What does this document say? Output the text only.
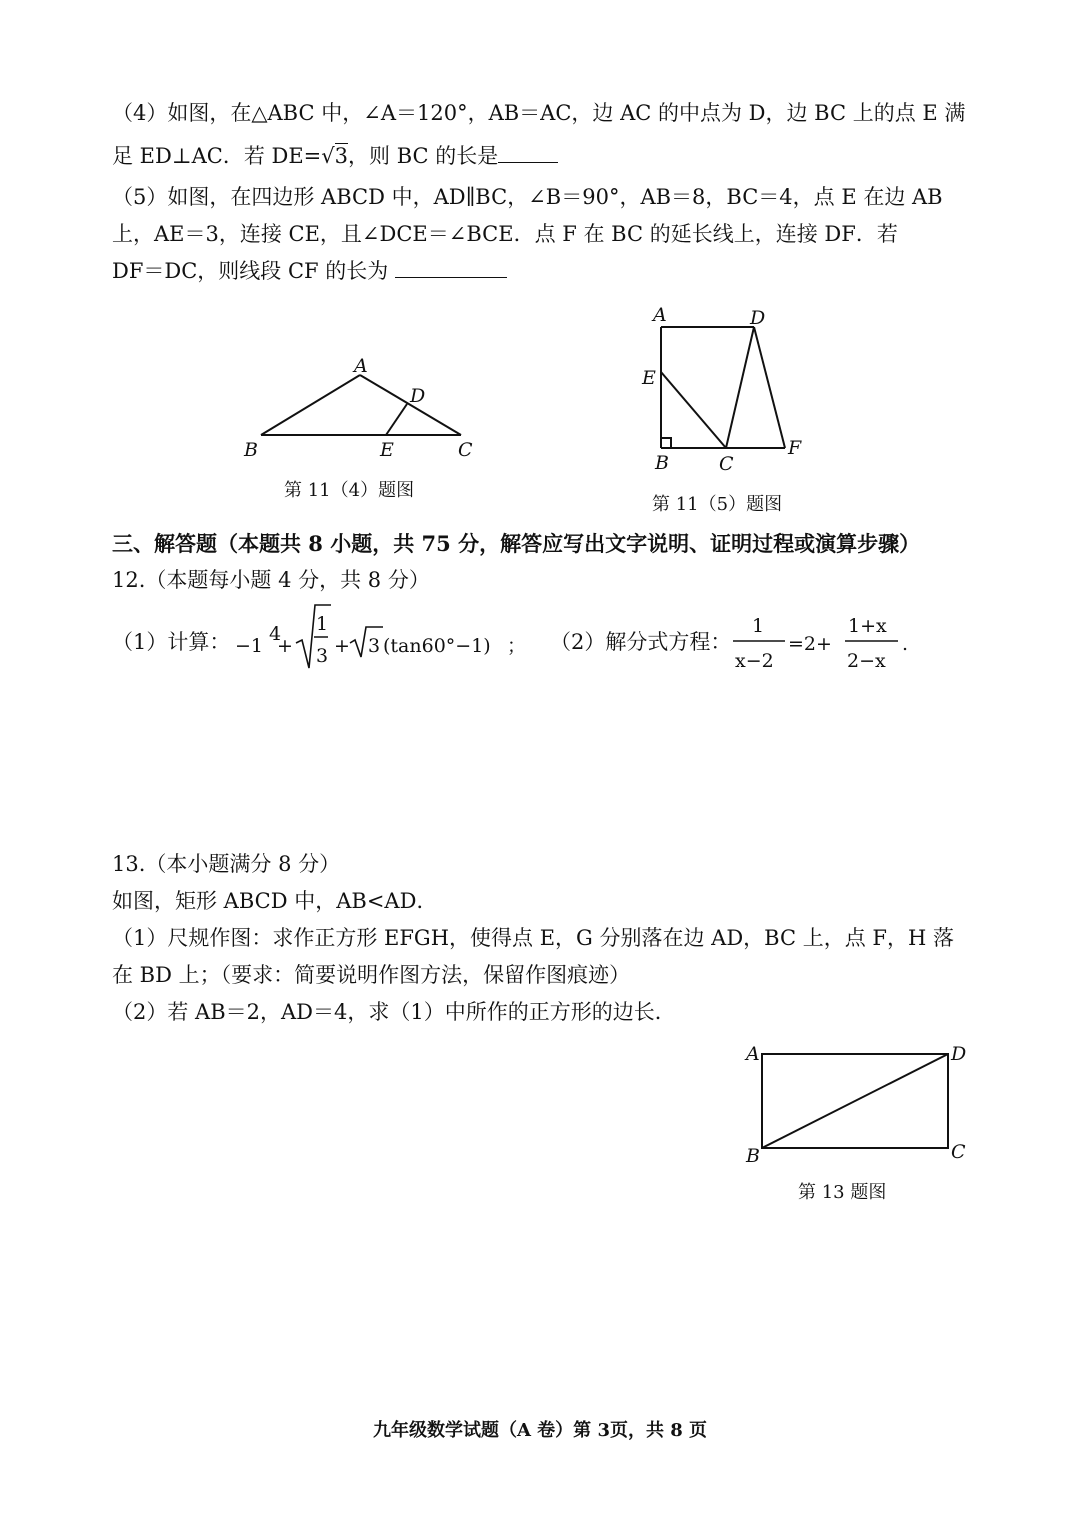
（4）如图，在△ABC 中，∠A＝120°，AB＝AC，边 AC 的中点为 D，边 BC 上的点 E 满
足 ED⊥AC．若 DE=√3，则 BC 的长是
（5）如图，在四边形 ABCD 中，AD∥BC，∠B＝90°，AB＝8，BC＝4，点 E 在边 AB
上，AE＝3，连接 CE，且∠DCE＝∠BCE．点 F 在 BC 的延长线上，连接 DF．若
DF＝DC，则线段 CF 的长为
A
B	C
D
E
第 11（4）题图
A	D
E
B	C
F
第 11（5）题图
三、解答题（本题共 8 小题，共 75 分，解答应写出文字说明、证明过程或演算步骤）
12.（本题每小题 4 分，共 8 分）
（1）计算： −1
4
+
1
3 + 3 (tan60°−1) ； （2）解分式方程：
1
x−2
=2+
1+x
2−x
.
13.（本小题满分 8 分）
如图，矩形 ABCD 中，AB<AD．
（1）尺规作图：求作正方形 EFGH，使得点 E，G 分别落在边 AD，BC 上，点 F，H 落
在 BD 上；（要求：简要说明作图方法，保留作图痕迹）
（2）若 AB＝2，AD＝4，求（1）中所作的正方形的边长．
A	D
B	C
第 13 题图
九年级数学试题（A 卷）第 3页，共 8 页
